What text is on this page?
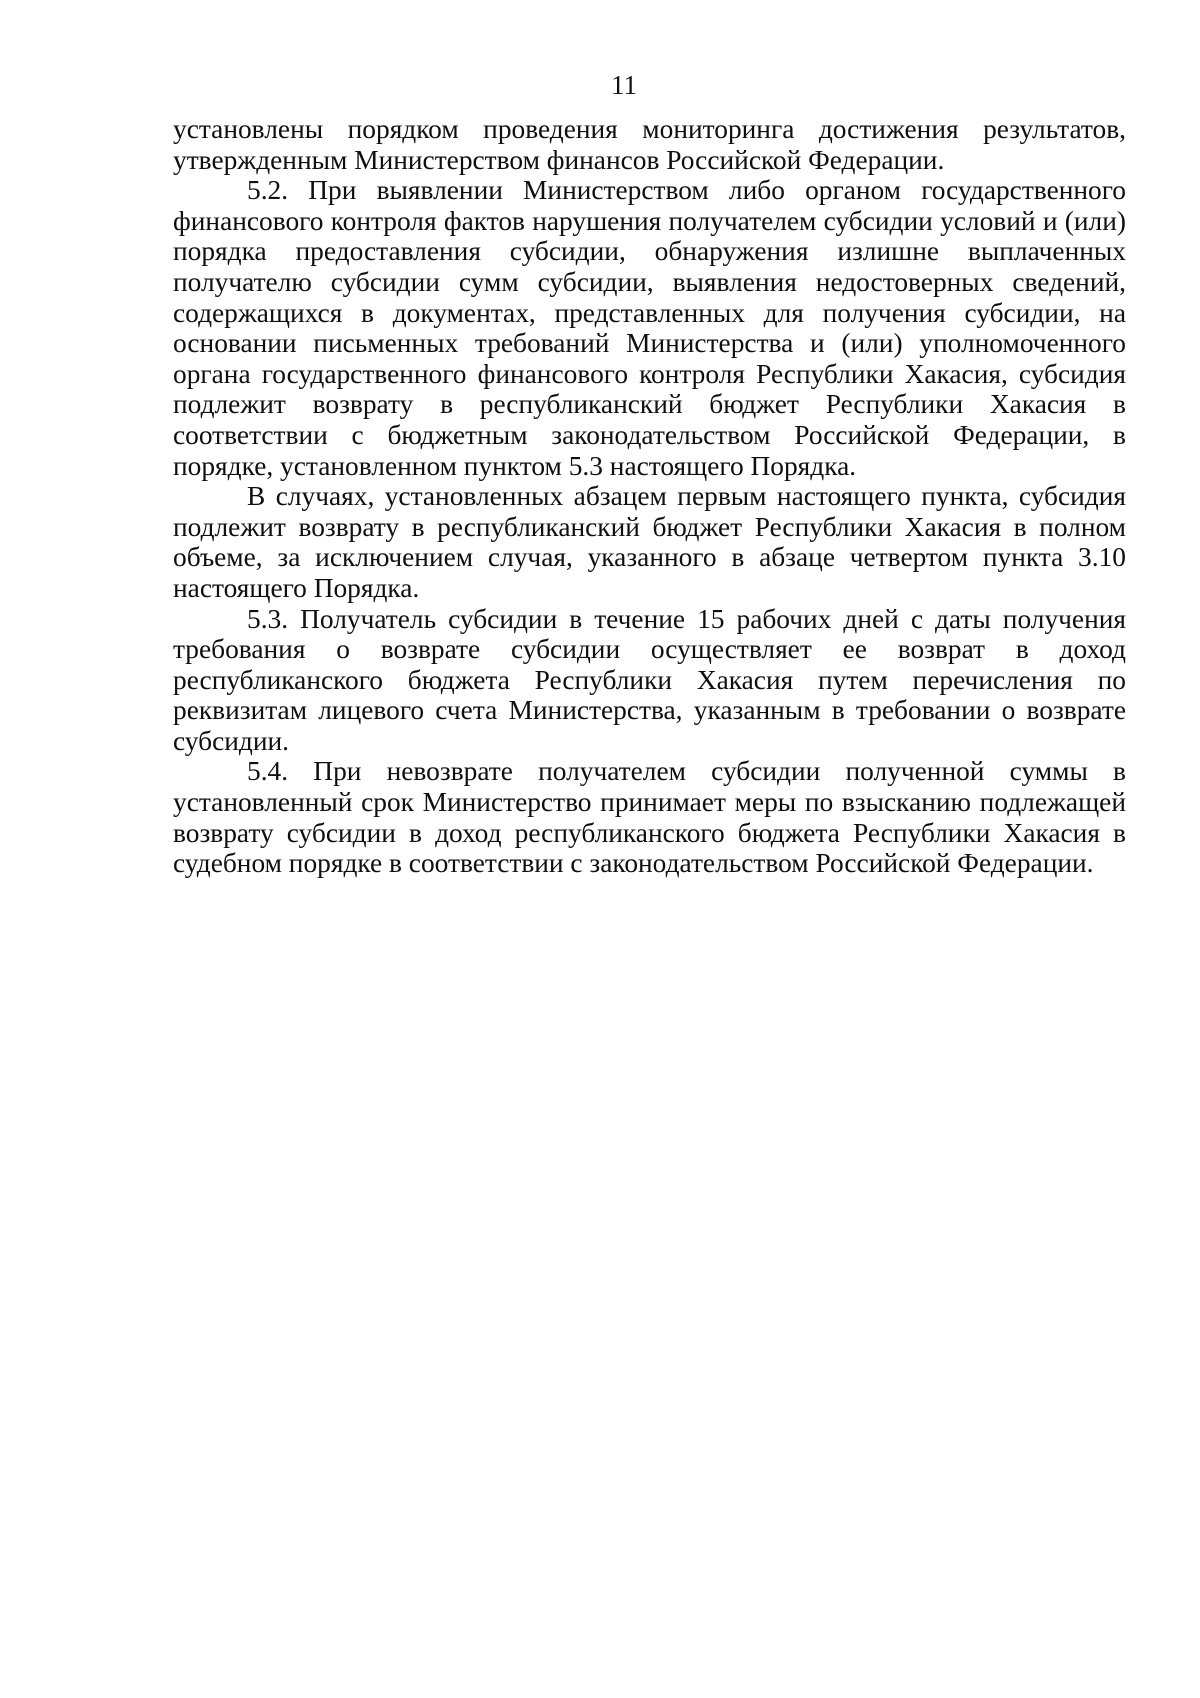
11

установлены порядком проведения мониторинга достижения результатов, утвержденным Министерством финансов Российской Федерации.

5.2. При выявлении Министерством либо органом государственного финансового контроля фактов нарушения получателем субсидии условий и (или) порядка предоставления субсидии, обнаружения излишне выплаченных получателю субсидии сумм субсидии, выявления недостоверных сведений, содержащихся в документах, представленных для получения субсидии, на основании письменных требований Министерства и (или) уполномоченного органа государственного финансового контроля Республики Хакасия, субсидия подлежит возврату в республиканский бюджет Республики Хакасия в соответствии с бюджетным законодательством Российской Федерации, в порядке, установленном пунктом 5.3 настоящего Порядка.

В случаях, установленных абзацем первым настоящего пункта, субсидия подлежит возврату в республиканский бюджет Республики Хакасия в полном объеме, за исключением случая, указанного в абзаце четвертом пункта 3.10 настоящего Порядка.

5.3. Получатель субсидии в течение 15 рабочих дней с даты получения требования о возврате субсидии осуществляет ее возврат в доход республиканского бюджета Республики Хакасия путем перечисления по реквизитам лицевого счета Министерства, указанным в требовании о возврате субсидии.

5.4. При невозврате получателем субсидии полученной суммы в установленный срок Министерство принимает меры по взысканию подлежащей возврату субсидии в доход республиканского бюджета Республики Хакасия в судебном порядке в соответствии с законодательством Российской Федерации.
